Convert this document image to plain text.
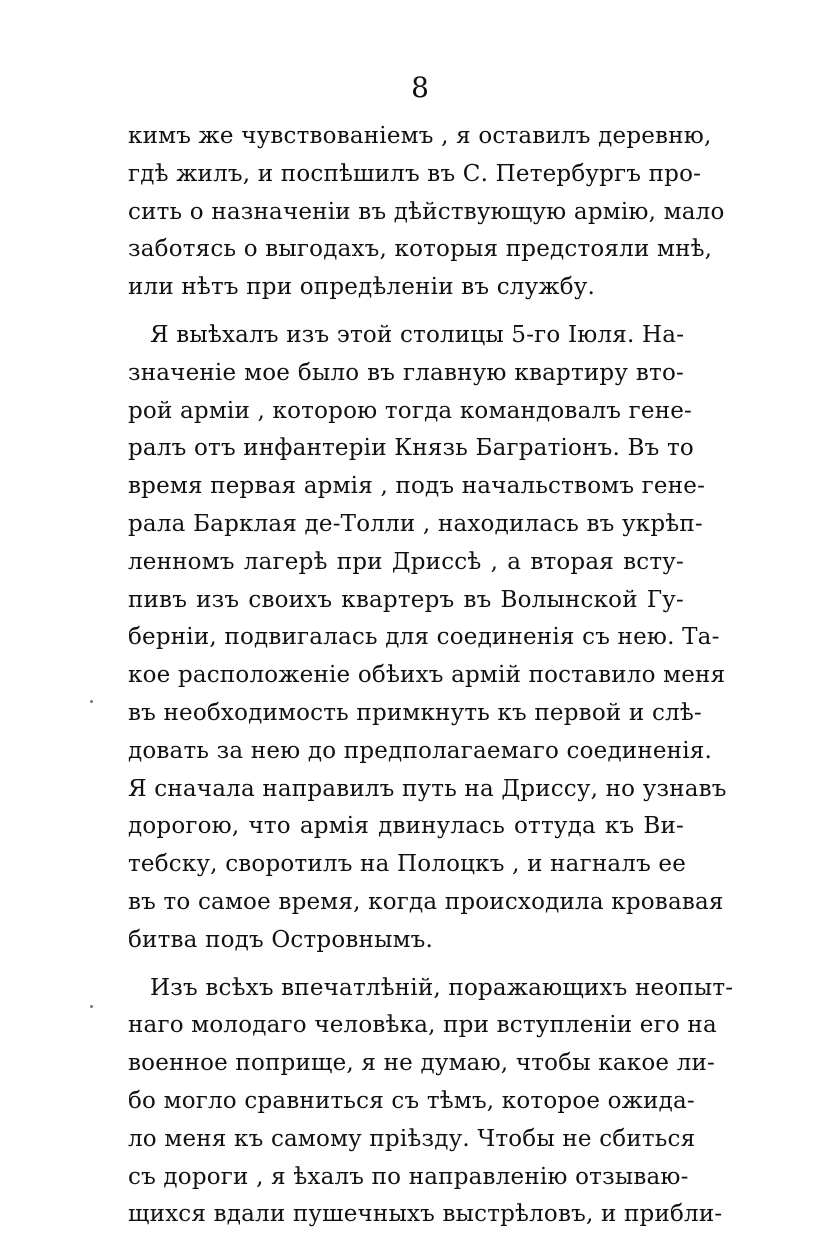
8
кимъ же чувствованіемъ , я оставилъ деревню,
гдѣ жилъ, и поспѣшилъ въ С. Петербургъ про-
сить о назначеніи въ дѣйствующую армію, мало
заботясь о выгодахъ, которыя предстояли мнѣ,
или нѣтъ при опредѣленіи въ службу.
Я выѣхалъ изъ этой столицы 5-го Іюля. На-
значеніе мое было въ главную квартиру вто-
рой арміи , которою тогда командовалъ гене-
ралъ отъ инфантеріи Князь Багратіонъ. Въ то
время первая армія , подъ начальствомъ гене-
рала Барклая де-Толли , находилась въ укрѣп-
ленномъ лагерѣ при Дриссѣ , а вторая всту-
пивъ изъ своихъ квартеръ въ Волынской Гу-
берніи, подвигалась для соединенія съ нею. Та-
кое расположеніе обѣихъ армій поставило меня
въ необходимость примкнуть къ первой и слѣ-
довать за нею до предполагаемаго соединенія.
Я сначала направилъ путь на Дриссу, но узнавъ
дорогою, что армія двинулась оттуда къ Ви-
тебску, своротилъ на Полоцкъ , и нагналъ ее
въ то самое время, когда происходила кровавая
битва подъ Островнымъ.
Изъ всѣхъ впечатлѣній, поражающихъ неопыт-
наго молодаго человѣка, при вступленіи его на
военное поприще, я не думаю, чтобы какое ли-
бо могло сравниться съ тѣмъ, которое ожида-
ло меня къ самому пріѣзду. Чтобы не сбиться
съ дороги , я ѣхалъ по направленію отзываю-
щихся вдали пушечныхъ выстрѣловъ, и прибли-
